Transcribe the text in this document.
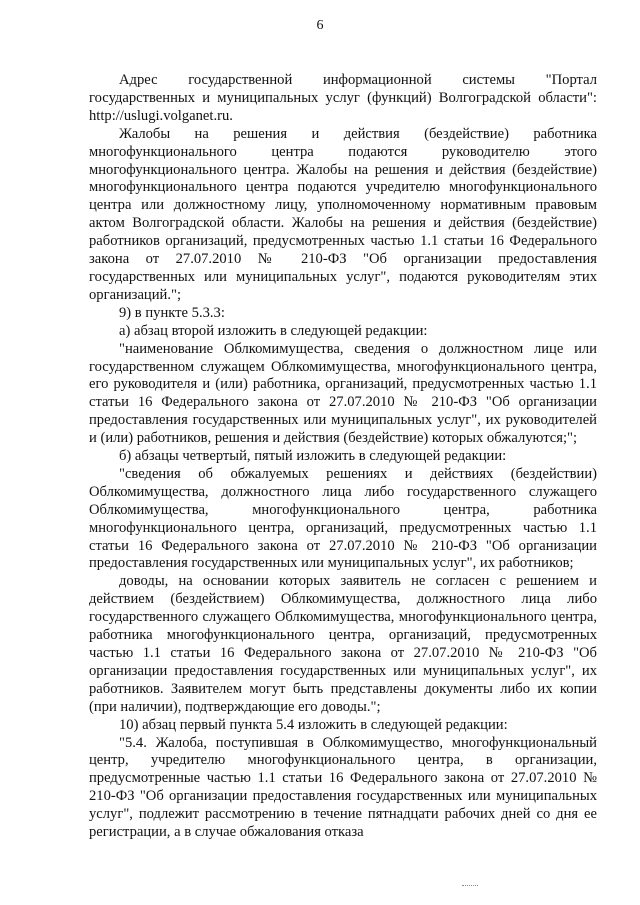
6

Адрес государственной информационной системы "Портал государственных и муниципальных услуг (функций) Волгоградской области": http://uslugi.volganet.ru.

Жалобы на решения и действия (бездействие) работника многофункционального центра подаются руководителю этого многофункционального центра. Жалобы на решения и действия (бездействие) многофункционального центра подаются учредителю многофункционального центра или должностному лицу, уполномоченному нормативным правовым актом Волгоградской области. Жалобы на решения и действия (бездействие) работников организаций, предусмотренных частью 1.1 статьи 16 Федерального закона от 27.07.2010 № 210-ФЗ "Об организации предоставления государственных или муниципальных услуг", подаются руководителям этих организаций.";

9) в пункте 5.3.3:

а) абзац второй изложить в следующей редакции:

"наименование Облкомимущества, сведения о должностном лице или государственном служащем Облкомимущества, многофункционального центра, его руководителя и (или) работника, организаций, предусмотренных частью 1.1 статьи 16 Федерального закона от 27.07.2010 № 210-ФЗ "Об организации предоставления государственных или муниципальных услуг", их руководителей и (или) работников, решения и действия (бездействие) которых обжалуются;";

б) абзацы четвертый, пятый изложить в следующей редакции:

"сведения об обжалуемых решениях и действиях (бездействии) Облкомимущества, должностного лица либо государственного служащего Облкомимущества, многофункционального центра, работника многофункционального центра, организаций, предусмотренных частью 1.1 статьи 16 Федерального закона от 27.07.2010 № 210-ФЗ "Об организации предоставления государственных или муниципальных услуг", их работников;

доводы, на основании которых заявитель не согласен с решением и действием (бездействием) Облкомимущества, должностного лица либо государственного служащего Облкомимущества, многофункционального центра, работника многофункционального центра, организаций, предусмотренных частью 1.1 статьи 16 Федерального закона от 27.07.2010 № 210-ФЗ "Об организации предоставления государственных или муниципальных услуг", их работников. Заявителем могут быть представлены документы либо их копии (при наличии), подтверждающие его доводы.";

10) абзац первый пункта 5.4 изложить в следующей редакции:

"5.4. Жалоба, поступившая в Облкомимущество, многофункциональный центр, учредителю многофункционального центра, в организации, предусмотренные частью 1.1 статьи 16 Федерального закона от 27.07.2010 № 210-ФЗ "Об организации предоставления государственных или муниципальных услуг", подлежит рассмотрению в течение пятнадцати рабочих дней со дня ее регистрации, а в случае обжалования отказа
